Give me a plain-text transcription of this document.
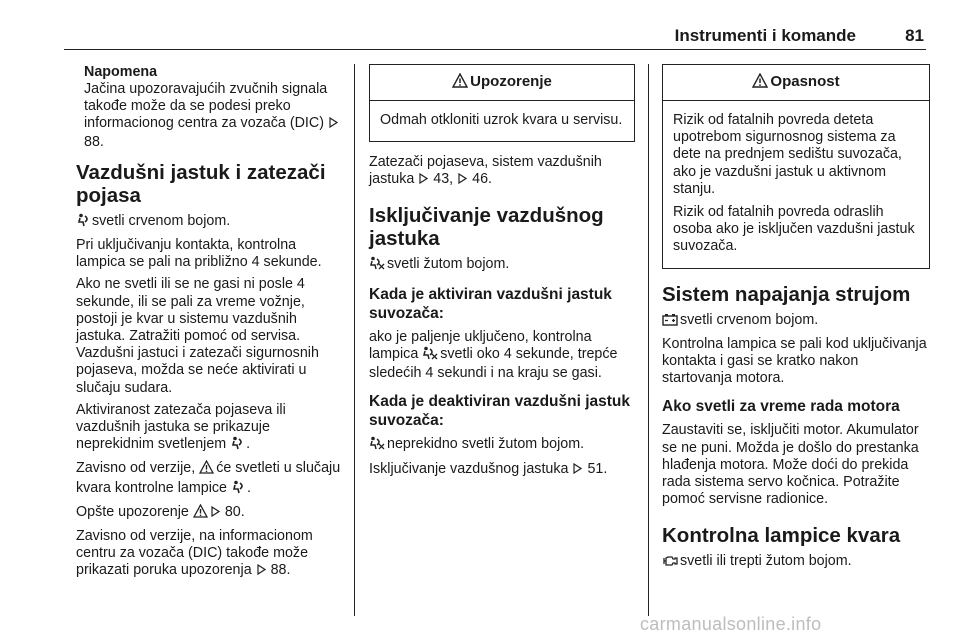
Instrumenti i komande	81
Napomena

Jačina upozoravajućih zvučnih signala takođe može da se podesi preko informacionog centra za vozača (DIC)  88.

Vazdušni jastuk i zatezači pojasa

svetli crvenom bojom.

Pri uključivanju kontakta, kontrolna lampica se pali na približno 4 sekunde.

Ako ne svetli ili se ne gasi ni posle 4 sekunde, ili se pali za vreme vožnje, postoji je kvar u sistemu vazdušnih jastuka. Zatražiti pomoć od servisa. Vazdušni jastuci i zatezači sigurnosnih pojaseva, možda se neće aktivirati u slučaju sudara.

Aktiviranost zatezača pojaseva ili vazdušnih jastuka se prikazuje neprekidnim svetlenjem .

Zavisno od verzije, će svetleti u slučaju kvara kontrolne lampice .

Opšte upozorenje	80.

Zavisno od verzije, na informacionom centru za vozača (DIC) takođe može prikazati poruka upozorenja 88.

Upozorenje

Odmah otkloniti uzrok kvara u servisu.

Zatezači pojaseva, sistem vazdušnih jastuka 43, 46.

Isključivanje vazdušnog jastuka

svetli žutom bojom.

Kada je aktiviran vazdušni jastuk suvozača:

ako je paljenje uključeno, kontrolna lampica svetli oko 4 sekunde, trepće sledećih 4 sekundi i na kraju se gasi.

Kada je deaktiviran vazdušni jastuk suvozača:

neprekidno svetli žutom bojom.

Isključivanje vazdušnog jastuka 51.

Opasnost

Rizik od fatalnih povreda deteta upotrebom sigurnosnog sistema za dete na prednjem sedištu suvozača, ako je vazdušni jastuk u aktivnom stanju.

Rizik od fatalnih povreda odraslih osoba ako je isključen vazdušni jastuk suvozača.

Sistem napajanja strujom

svetli crvenom bojom.

Kontrolna lampica se pali kod uključivanja kontakta i gasi se kratko nakon startovanja motora.

Ako svetli za vreme rada motora

Zaustaviti se, isključiti motor. Akumulator se ne puni. Možda je došlo do prestanka hlađenja motora. Može doći do prekida rada sistema servo kočnica. Potražite pomoć servisne radionice.

Kontrolna lampice kvara

svetli ili trepti žutom bojom.

carmanualsonline.info
